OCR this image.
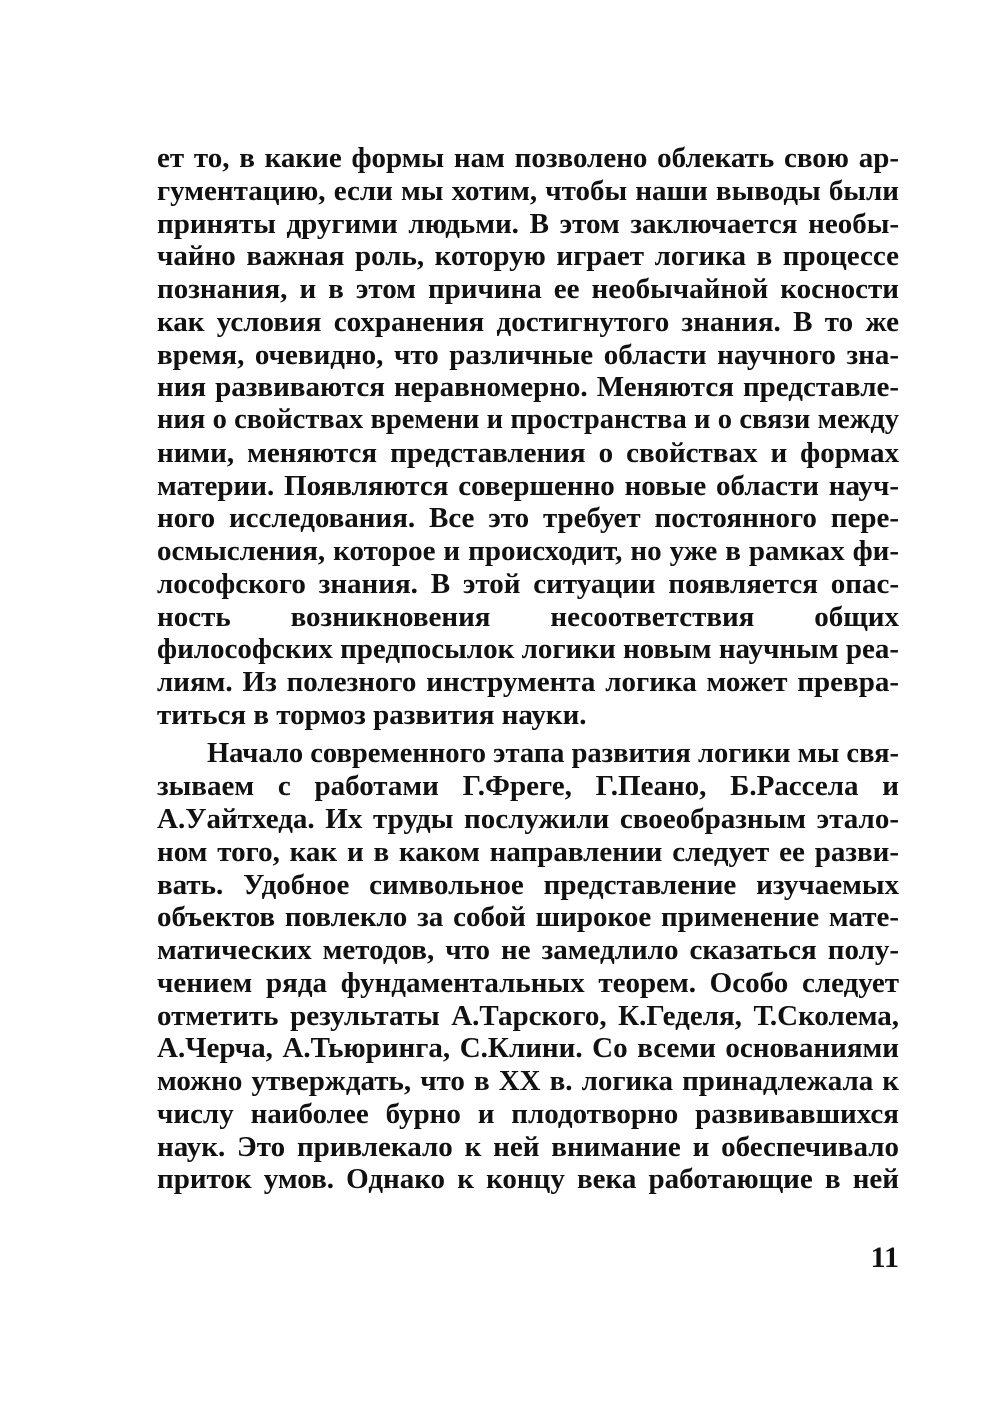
ет то, в какие формы нам позволено облекать свою ар-
гументацию, если мы хотим, чтобы наши выводы были
приняты другими людьми. В этом заключается необы-
чайно важная роль, которую играет логика в процессе
познания, и в этом причина ее необычайной косности
как условия сохранения достигнутого знания. В то же
время, очевидно, что различные области научного зна-
ния развиваются неравномерно. Меняются представле-
ния о свойствах времени и пространства и о связи между
ними, меняются представления о свойствах и формах
материи. Появляются совершенно новые области науч-
ного исследования. Все это требует постоянного пере-
осмысления, которое и происходит, но уже в рамках фи-
лософского знания. В этой ситуации появляется опас-
ность возникновения несоответствия общих
философских предпосылок логики новым научным реа-
лиям. Из полезного инструмента логика может превра-
титься в тормоз развития науки.
Начало современного этапа развития логики мы свя-
зываем с работами Г.Фреге, Г.Пеано, Б.Рассела и
А.Уайтхеда. Их труды послужили своеобразным этало-
ном того, как и в каком направлении следует ее разви-
вать. Удобное символьное представление изучаемых
объектов повлекло за собой широкое применение мате-
матических методов, что не замедлило сказаться полу-
чением ряда фундаментальных теорем. Особо следует
отметить результаты А.Тарского, К.Геделя, Т.Сколема,
А.Черча, А.Тьюринга, С.Клини. Со всеми основаниями
можно утверждать, что в XX в. логика принадлежала к
числу наиболее бурно и плодотворно развивавшихся
наук. Это привлекало к ней внимание и обеспечивало
приток умов. Однако к концу века работающие в ней
11
